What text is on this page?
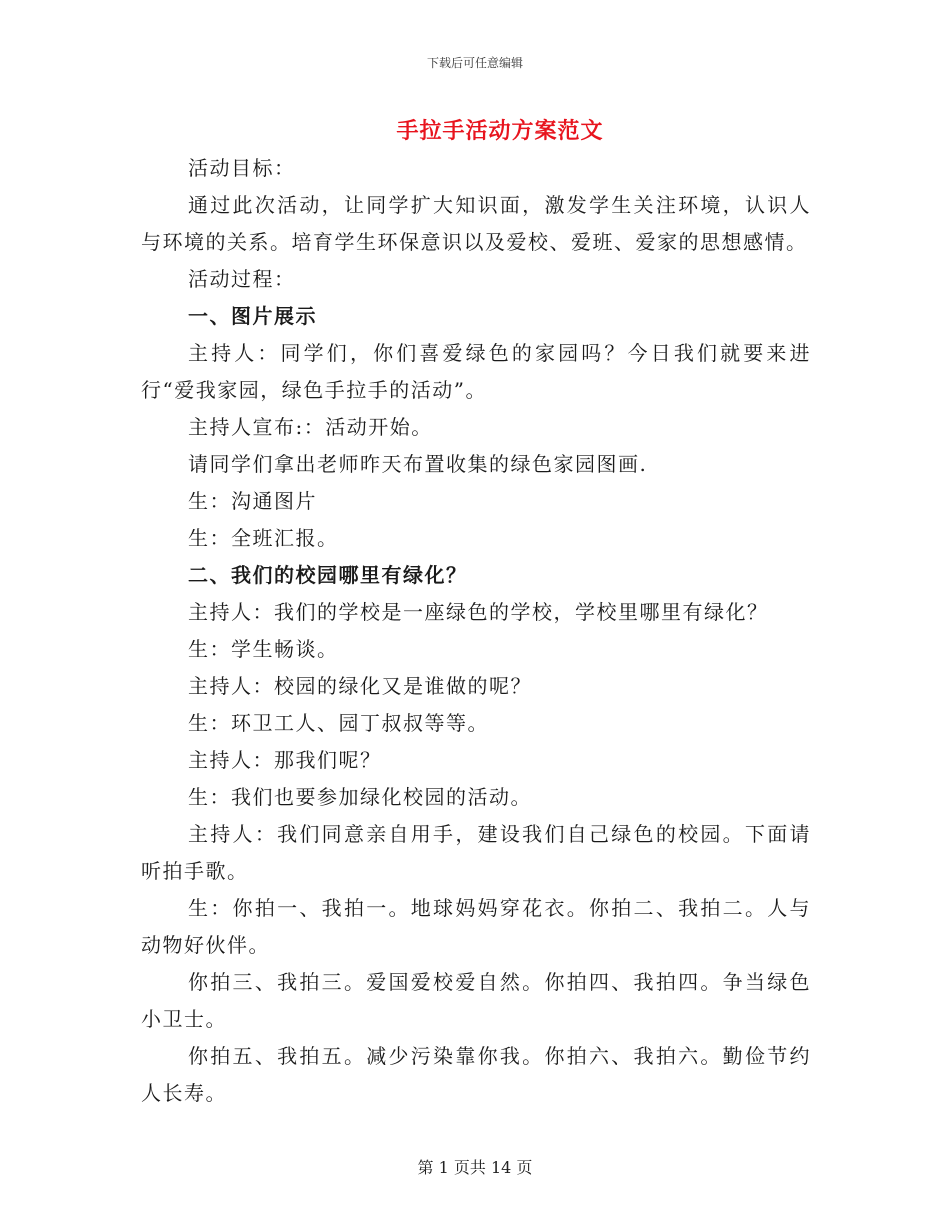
下载后可任意编辑
手拉手活动方案范文

活动目标：

通过此次活动，让同学扩大知识面，激发学生关注环境，认识人与环境的关系。培育学生环保意识以及爱校、爱班、爱家的思想感情。

活动过程：

一、图片展示

主持人：同学们，你们喜爱绿色的家园吗？今日我们就要来进行“爱我家园，绿色手拉手的活动”。

主持人宣布:：活动开始。

请同学们拿出老师昨天布置收集的绿色家园图画.

生：沟通图片

生：全班汇报。

二、我们的校园哪里有绿化？

主持人：我们的学校是一座绿色的学校，学校里哪里有绿化？

生：学生畅谈。

主持人：校园的绿化又是谁做的呢？

生：环卫工人、园丁叔叔等等。

主持人：那我们呢？

生：我们也要参加绿化校园的活动。

主持人：我们同意亲自用手，建设我们自己绿色的校园。下面请听拍手歌。

生：你拍一、我拍一。地球妈妈穿花衣。你拍二、我拍二。人与动物好伙伴。

你拍三、我拍三。爱国爱校爱自然。你拍四、我拍四。争当绿色小卫士。

你拍五、我拍五。减少污染靠你我。你拍六、我拍六。勤俭节约人长寿。

第 1 页共 14 页
